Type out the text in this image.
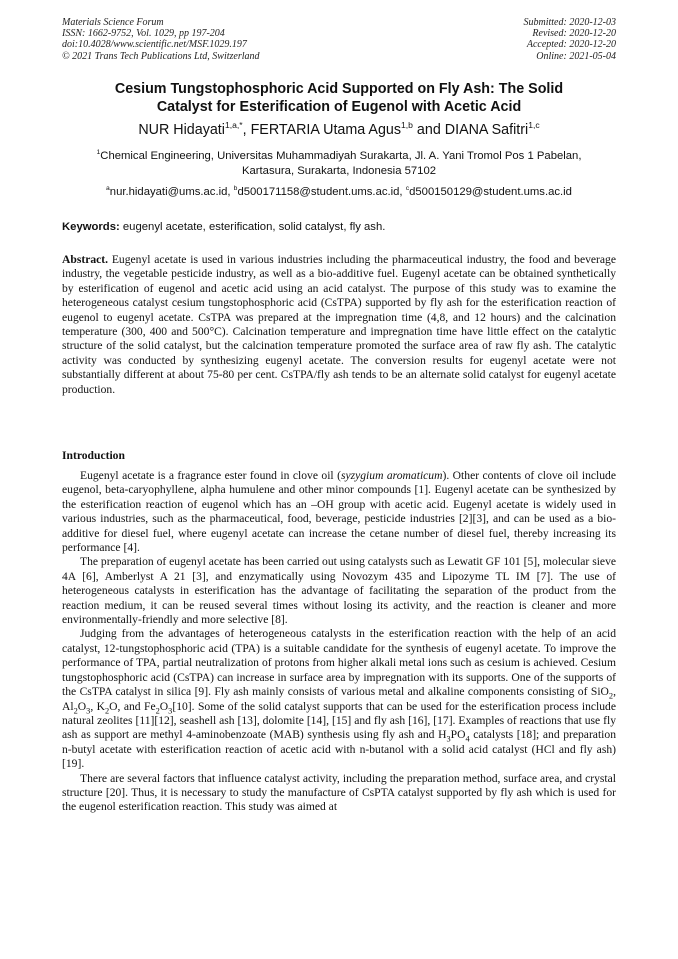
Materials Science Forum
ISSN: 1662-9752, Vol. 1029, pp 197-204
doi:10.4028/www.scientific.net/MSF.1029.197
© 2021 Trans Tech Publications Ltd, Switzerland
Submitted: 2020-12-03
Revised: 2020-12-20
Accepted: 2020-12-20
Online: 2021-05-04
Cesium Tungstophosphoric Acid Supported on Fly Ash: The Solid
Catalyst for Esterification of Eugenol with Acetic Acid
NUR Hidayati$^{1,a,*}$, FERTARIA Utama Agus$^{1,b}$ and DIANA Safitri$^{1,c}$
$^1$Chemical Engineering, Universitas Muhammadiyah Surakarta, Jl. A. Yani Tromol Pos 1 Pabelan,
Kartasura, Surakarta, Indonesia 57102
$^a$nur.hidayati@ums.ac.id, $^b$d500171158@student.ums.ac.id, $^c$d500150129@student.ums.ac.id
Keywords: eugenyl acetate, esterification, solid catalyst, fly ash.
Abstract. Eugenyl acetate is used in various industries including the pharmaceutical industry, the food and beverage industry, the vegetable pesticide industry, as well as a bio-additive fuel. Eugenyl acetate can be obtained synthetically by esterification of eugenol and acetic acid using an acid catalyst. The purpose of this study was to examine the heterogeneous catalyst cesium tungstophosphoric acid (CsTPA) supported by fly ash for the esterification reaction of eugenol to eugenyl acetate. CsTPA was prepared at the impregnation time (4,8, and 12 hours) and the calcination temperature (300, 400 and 500°C). Calcination temperature and impregnation time have little effect on the catalytic structure of the solid catalyst, but the calcination temperature promoted the surface area of raw fly ash. The catalytic activity was conducted by synthesizing eugenyl acetate. The conversion results for eugenyl acetate were not substantially different at about 75-80 per cent. CsTPA/fly ash tends to be an alternate solid catalyst for eugenyl acetate production.
Introduction

Eugenyl acetate is a fragrance ester found in clove oil (syzygium aromaticum). Other contents of clove oil include eugenol, beta-caryophyllene, alpha humulene and other minor compounds [1]. Eugenyl acetate can be synthesized by the esterification reaction of eugenol which has an –OH group with acetic acid. Eugenyl acetate is widely used in various industries, such as the pharmaceutical, food, beverage, pesticide industries [2][3], and can be used as a bio-additive for diesel fuel, where eugenyl acetate can increase the cetane number of diesel fuel, thereby increasing its performance [4].

The preparation of eugenyl acetate has been carried out using catalysts such as Lewatit GF 101 [5], molecular sieve 4A [6], Amberlyst A 21 [3], and enzymatically using Novozym 435 and Lipozyme TL IM [7]. The use of heterogeneous catalysts in esterification has the advantage of facilitating the separation of the product from the reaction medium, it can be reused several times without losing its activity, and the reaction is cleaner and more environmentally-friendly and more selective [8].

Judging from the advantages of heterogeneous catalysts in the esterification reaction with the help of an acid catalyst, 12-tungstophosphoric acid (TPA) is a suitable candidate for the synthesis of eugenyl acetate. To improve the performance of TPA, partial neutralization of protons from higher alkali metal ions such as cesium is achieved. Cesium tungstophosphoric acid (CsTPA) can increase in surface area by impregnation with its supports. One of the supports of the CsTPA catalyst in silica [9]. Fly ash mainly consists of various metal and alkaline components consisting of SiO$_2$, $Al_2O_3$, $K_2O$, and $Fe_2O_3[10]$. Some of the solid catalyst supports that can be used for the esterification process include natural zeolites [11][12], seashell ash [13], dolomite [14], [15] and fly ash [16], [17]. Examples of reactions that use fly ash as support are methyl 4-aminobenzoate (MAB) synthesis using fly ash and $H_3PO_4$ catalysts [18]; and preparation n-butyl acetate with esterification reaction of acetic acid with n-butanol with a solid acid catalyst (HCl and fly ash) [19].

There are several factors that influence catalyst activity, including the preparation method, surface area, and crystal structure [20]. Thus, it is necessary to study the manufacture of CsPTA catalyst supported by fly ash which is used for the eugenol esterification reaction. This study was aimed at
